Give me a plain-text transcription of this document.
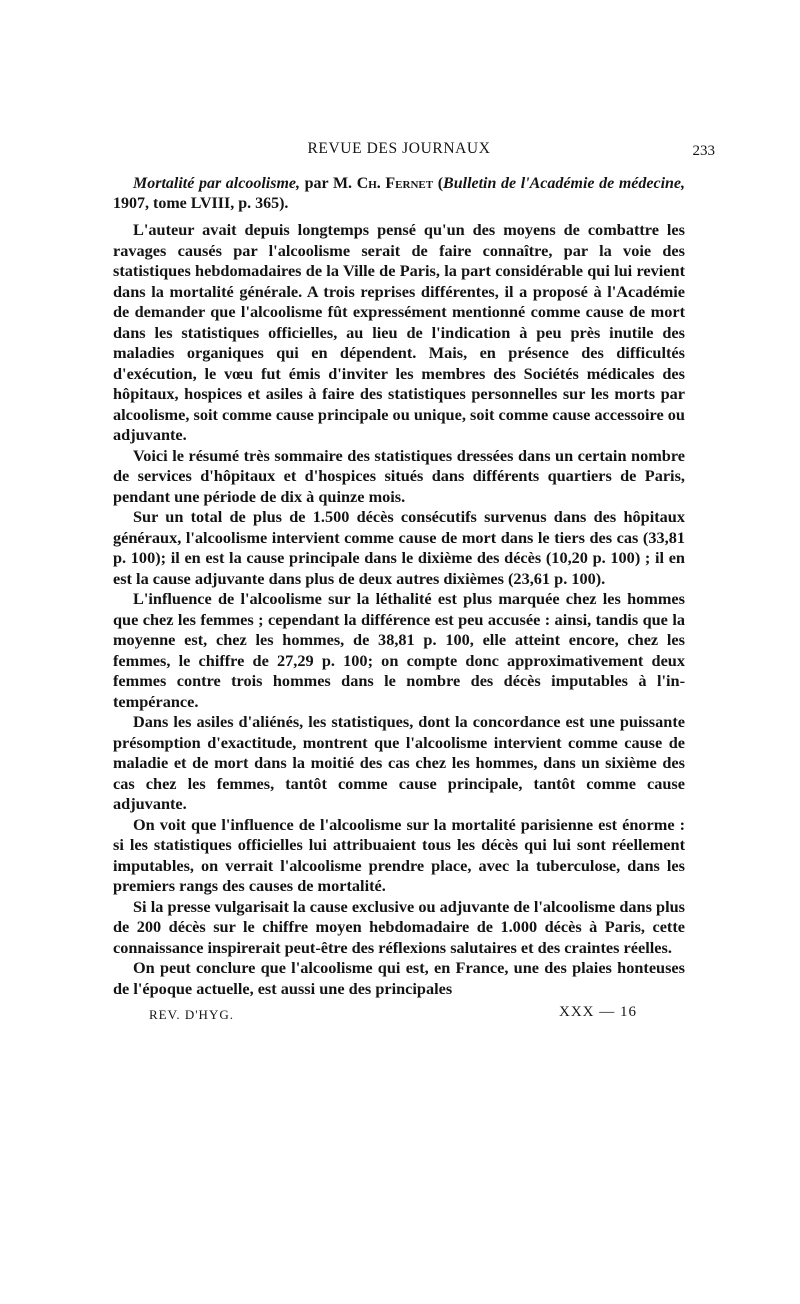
REVUE DES JOURNAUX	233
Mortalité par alcoolisme, par M. Ch. Fernet (Bulletin de l'Académie de médecine, 1907, tome LVIII, p. 365).

L'auteur avait depuis longtemps pensé qu'un des moyens de combattre les ravages causés par l'alcoolisme serait de faire connaître, par la voie des statistiques hebdomadaires de la Ville de Paris, la part considérable qui lui revient dans la mortalité générale. A trois reprises différentes, il a proposé à l'Académie de demander que l'alcoolisme fût expressément mentionné comme cause de mort dans les statistiques officielles, au lieu de l'indication à peu près inutile des maladies organiques qui en dépendent. Mais, en présence des difficultés d'exécution, le vœu fut émis d'inviter les membres des Sociétés médicales des hôpitaux, hospices et asiles à faire des statistiques personnelles sur les morts par alcoolisme, soit comme cause principale ou unique, soit comme cause accessoire ou adjuvante.

Voici le résumé très sommaire des statistiques dressées dans un certain nombre de services d'hôpitaux et d'hospices situés dans différents quartiers de Paris, pendant une période de dix à quinze mois.

Sur un total de plus de 1.500 décès consécutifs survenus dans des hôpitaux généraux, l'alcoolisme intervient comme cause de mort dans le tiers des cas (33,81 p. 100); il en est la cause principale dans le dixième des décès (10,20 p. 100) ; il en est la cause adjuvante dans plus de deux autres dixièmes (23,61 p. 100).

L'influence de l'alcoolisme sur la léthalité est plus marquée chez les hommes que chez les femmes ; cependant la différence est peu accusée : ainsi, tandis que la moyenne est, chez les hommes, de 38,81 p. 100, elle atteint encore, chez les femmes, le chiffre de 27,29 p. 100; on compte donc approximativement deux femmes contre trois hommes dans le nombre des décès imputables à l'intempérance.

Dans les asiles d'aliénés, les statistiques, dont la concordance est une puissante présomption d'exactitude, montrent que l'alcoolisme intervient comme cause de maladie et de mort dans la moitié des cas chez les hommes, dans un sixième des cas chez les femmes, tantôt comme cause principale, tantôt comme cause adjuvante.

On voit que l'influence de l'alcoolisme sur la mortalité parisienne est énorme : si les statistiques officielles lui attribuaient tous les décès qui lui sont réellement imputables, on verrait l'alcoolisme prendre place, avec la tuberculose, dans les premiers rangs des causes de mortalité.

Si la presse vulgarisait la cause exclusive ou adjuvante de l'alcoolisme dans plus de 200 décès sur le chiffre moyen hebdomadaire de 1.000 décès à Paris, cette connaissance inspirerait peut-être des réflexions salutaires et des craintes réelles.

On peut conclure que l'alcoolisme qui est, en France, une des plaies honteuses de l'époque actuelle, est aussi une des principales

REV. D'HYG.	XXX — 16
